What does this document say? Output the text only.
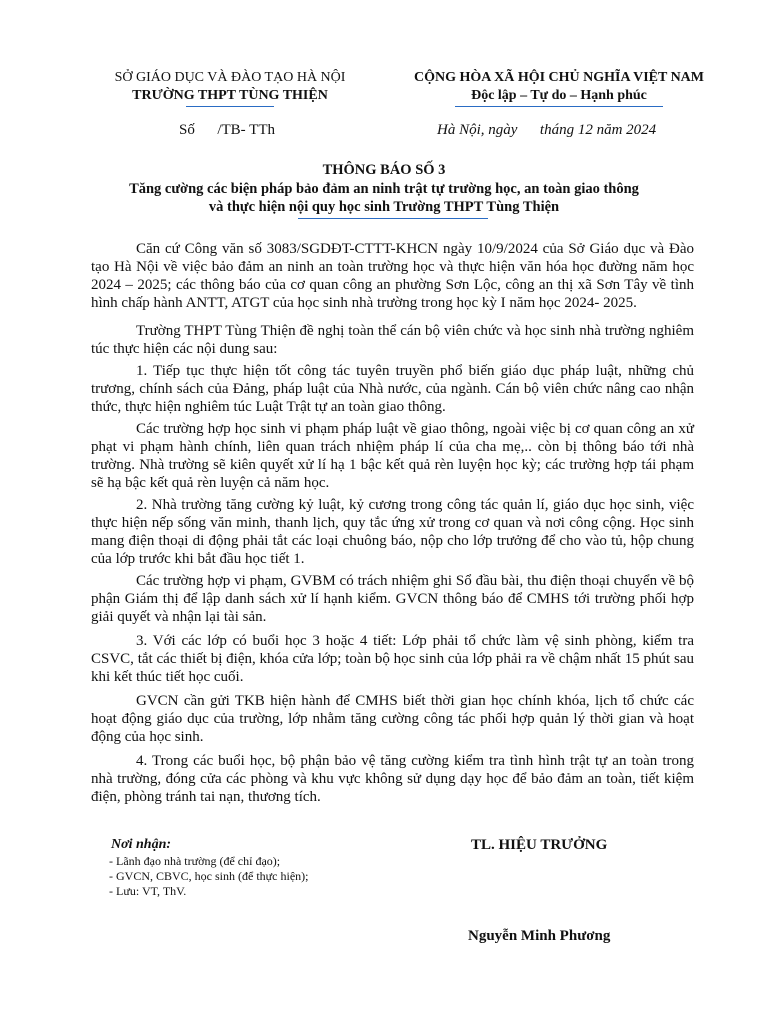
SỞ GIÁO DỤC VÀ ĐÀO TẠO HÀ NỘI
TRƯỜNG THPT TÙNG THIỆN
CỘNG HÒA XÃ HỘI CHỦ NGHĨA VIỆT NAM
Độc lập – Tự do – Hạnh phúc
Số      /TB- TTh	Hà Nội, ngày      tháng 12 năm 2024
THÔNG BÁO SỐ 3
Tăng cường các biện pháp bảo đảm an ninh trật tự trường học, an toàn giao thông
và thực hiện nội quy học sinh Trường THPT Tùng Thiện

Căn cứ Công văn số 3083/SGDĐT-CTTT-KHCN ngày 10/9/2024 của Sở Giáo dục và Đào tạo Hà Nội về việc bảo đảm an ninh an toàn trường học và thực hiện văn hóa học đường năm học 2024 – 2025; các thông báo của cơ quan công an phường Sơn Lộc, công an thị xã Sơn Tây về tình hình chấp hành ANTT, ATGT của học sinh nhà trường trong học kỳ I năm học 2024- 2025.

Trường THPT Tùng Thiện đề nghị toàn thể cán bộ viên chức và học sinh nhà trường nghiêm túc thực hiện các nội dung sau:

1. Tiếp tục thực hiện tốt công tác tuyên truyền phổ biến giáo dục pháp luật, những chủ trương, chính sách của Đảng, pháp luật của Nhà nước, của ngành. Cán bộ viên chức nâng cao nhận thức, thực hiện nghiêm túc Luật Trật tự an toàn giao thông.

Các trường hợp học sinh vi phạm pháp luật về giao thông, ngoài việc bị cơ quan công an xử phạt vi phạm hành chính, liên quan trách nhiệm pháp lí của cha mẹ,.. còn bị thông báo tới nhà trường. Nhà trường sẽ kiên quyết xử lí hạ 1 bậc kết quả rèn luyện học kỳ; các trường hợp tái phạm sẽ hạ bậc kết quả rèn luyện cả năm học.

2. Nhà trường tăng cường kỷ luật, kỷ cương trong công tác quản lí, giáo dục học sinh, việc thực hiện nếp sống văn minh, thanh lịch, quy tắc ứng xử trong cơ quan và nơi công cộng. Học sinh mang điện thoại di động phải tắt các loại chuông báo, nộp cho lớp trưởng để cho vào tủ, hộp chung của lớp trước khi bắt đầu học tiết 1.

Các trường hợp vi phạm, GVBM có trách nhiệm ghi Sổ đầu bài, thu điện thoại chuyển về bộ phận Giám thị để lập danh sách xử lí hạnh kiểm. GVCN thông báo để CMHS tới trường phối hợp giải quyết và nhận lại tài sản.

3. Với các lớp có buổi học 3 hoặc 4 tiết: Lớp phải tổ chức làm vệ sinh phòng, kiểm tra CSVC, tắt các thiết bị điện, khóa cửa lớp; toàn bộ học sinh của lớp phải ra về chậm nhất 15 phút sau khi kết thúc tiết học cuối.

GVCN cần gửi TKB hiện hành để CMHS biết thời gian học chính khóa, lịch tổ chức các hoạt động giáo dục của trường, lớp nhằm tăng cường công tác phối hợp quản lý thời gian và hoạt động của học sinh.

4. Trong các buổi học, bộ phận bảo vệ tăng cường kiểm tra tình hình trật tự an toàn trong nhà trường, đóng cửa các phòng và khu vực không sử dụng dạy học để bảo đảm an toàn, tiết kiệm điện, phòng tránh tai nạn, thương tích.

Nơi nhận:
- Lãnh đạo nhà trường (để chỉ đạo);
- GVCN, CBVC, học sinh (để thực hiện);
- Lưu: VT, ThV.
TL. HIỆU TRƯỞNG
Nguyễn Minh Phương
